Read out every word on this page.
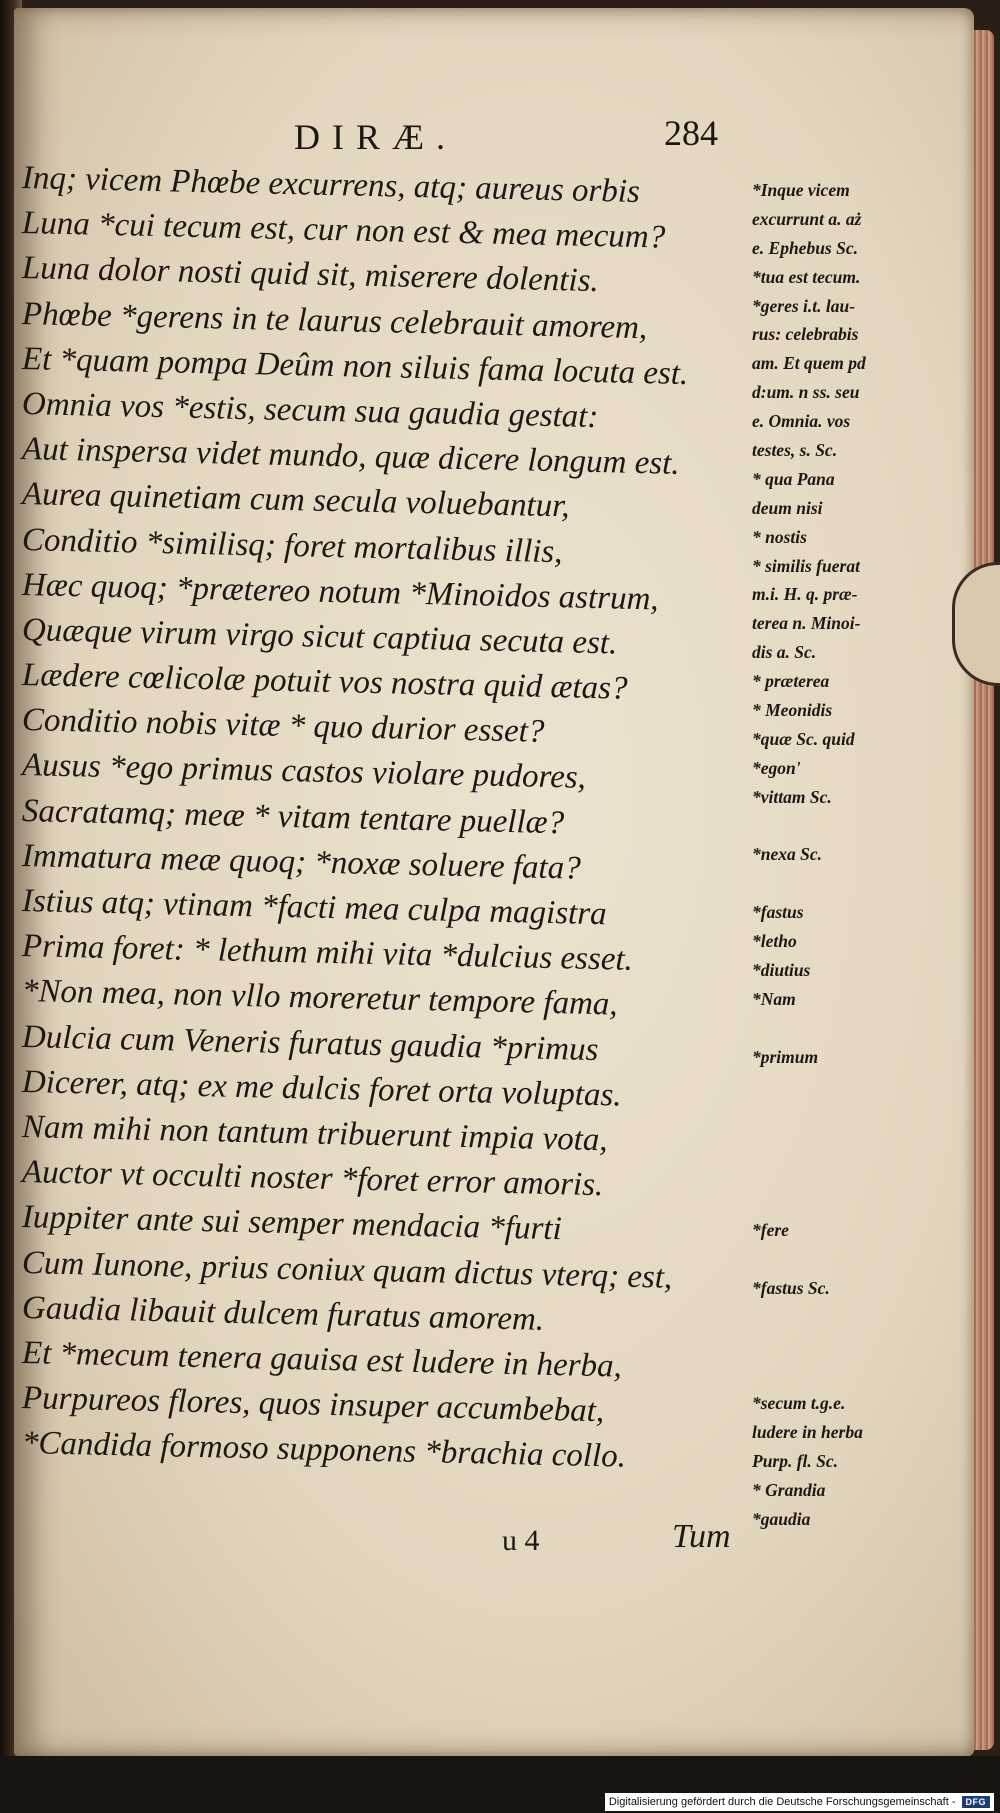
DIRÆ.	284
Inq; vicem Phœbe excurrens, atq; aureus orbis
Luna *cui tecum est, cur non est & mea mecum?
Luna dolor nosti quid sit, miserere dolentis.
Phœbe *gerens in te laurus celebrauit amorem,
Et *quam pompa Deûm non siluis fama locuta est.
Omnia vos *estis, secum sua gaudia gestat:
Aut inspersa videt mundo, quæ dicere longum est.
Aurea quinetiam cum secula voluebantur,
Conditio *similisq; foret mortalibus illis,
Hæc quoq; *prætereo notum *Minoidos astrum,
Quæque virum virgo sicut captiua secuta est.
Lædere cœlicolæ potuit vos nostra quid ætas?
Conditio nobis vitæ * quo durior esset?
Ausus *ego primus castos violare pudores,
Sacratamq; meæ * vitam tentare puellæ?
Immatura meæ quoq; *noxæ soluere fata?
Istius atq; vtinam *facti mea culpa magistra
Prima foret: * lethum mihi vita *dulcius esset.
*Non mea, non vllo moreretur tempore fama,
Dulcia cum Veneris furatus gaudia *primus
Dicerer, atq; ex me dulcis foret orta voluptas.
Nam mihi non tantum tribuerunt impia vota,
Auctor vt occulti noster *foret error amoris.
Iuppiter ante sui semper mendacia *furti
Cum Iunone, prius coniux quam dictus vterq; est,
Gaudia libauit dulcem furatus amorem.
Et *mecum tenera gauisa est ludere in herba,
Purpureos flores, quos insuper accumbebat,
*Candida formoso supponens *brachia collo.
*Inque vicem
excurrunt a. aż
e. Ephebus Sc.
*tua est tecum.
*geres i.t. lau-
rus: celebrabis
am. Et quem pd
d:um. n ss. seu
e. Omnia. vos
testes, s. Sc.
* qua Pana
deum nisi
* nostis
* similis fuerat
m.i. H. q. præ-
terea n. Minoi-
dis a. Sc.
* præterea
* Meonidis
*quæ Sc. quid
*egon'
*vittam Sc.
*nexa Sc.
*fastus
*letho
*diutius
*Nam
*primum
*fere
*fastus Sc.
*secum t.g.e.
ludere in herba
Purp. fl. Sc.
* Grandia
*gaudia
u 4	Tum
Digitalisierung gefördert durch die Deutsche Forschungsgemeinschaft -	DFG
